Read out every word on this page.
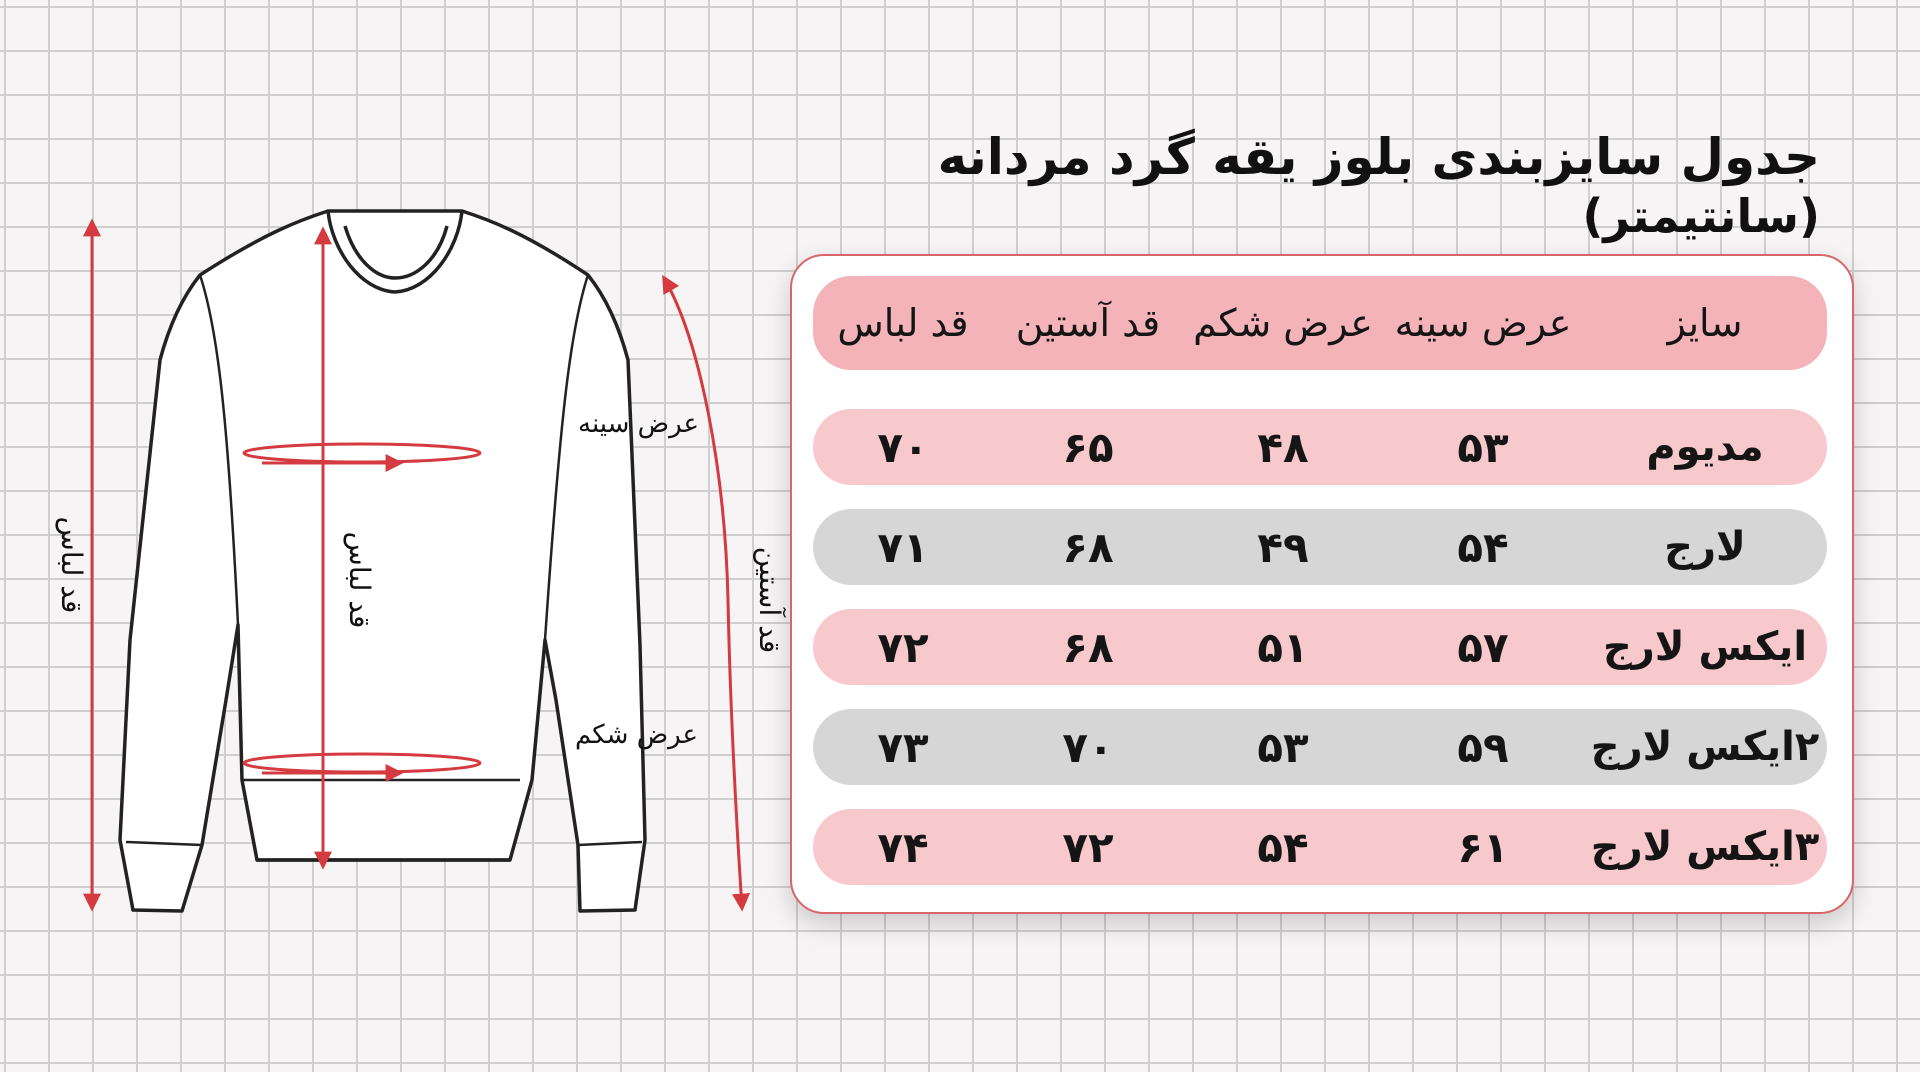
عرض سینه
عرض شکم
قد لباس
قد لباس	قد آستین
جدول سایزبندی بلوز یقه گرد مردانه (سانتیمتر)
سایز
عرض سینه
عرض شکم
قد آستین
قد لباس
مدیوم
۵۳
۴۸
۶۵
۷۰
لارج
۵۴
۴۹
۶۸
۷۱
ایکس لارج
۵۷
۵۱
۶۸
۷۲
۲ایکس لارج
۵۹
۵۳
۷۰
۷۳
۳ایکس لارج
۶۱
۵۴
۷۲
۷۴
